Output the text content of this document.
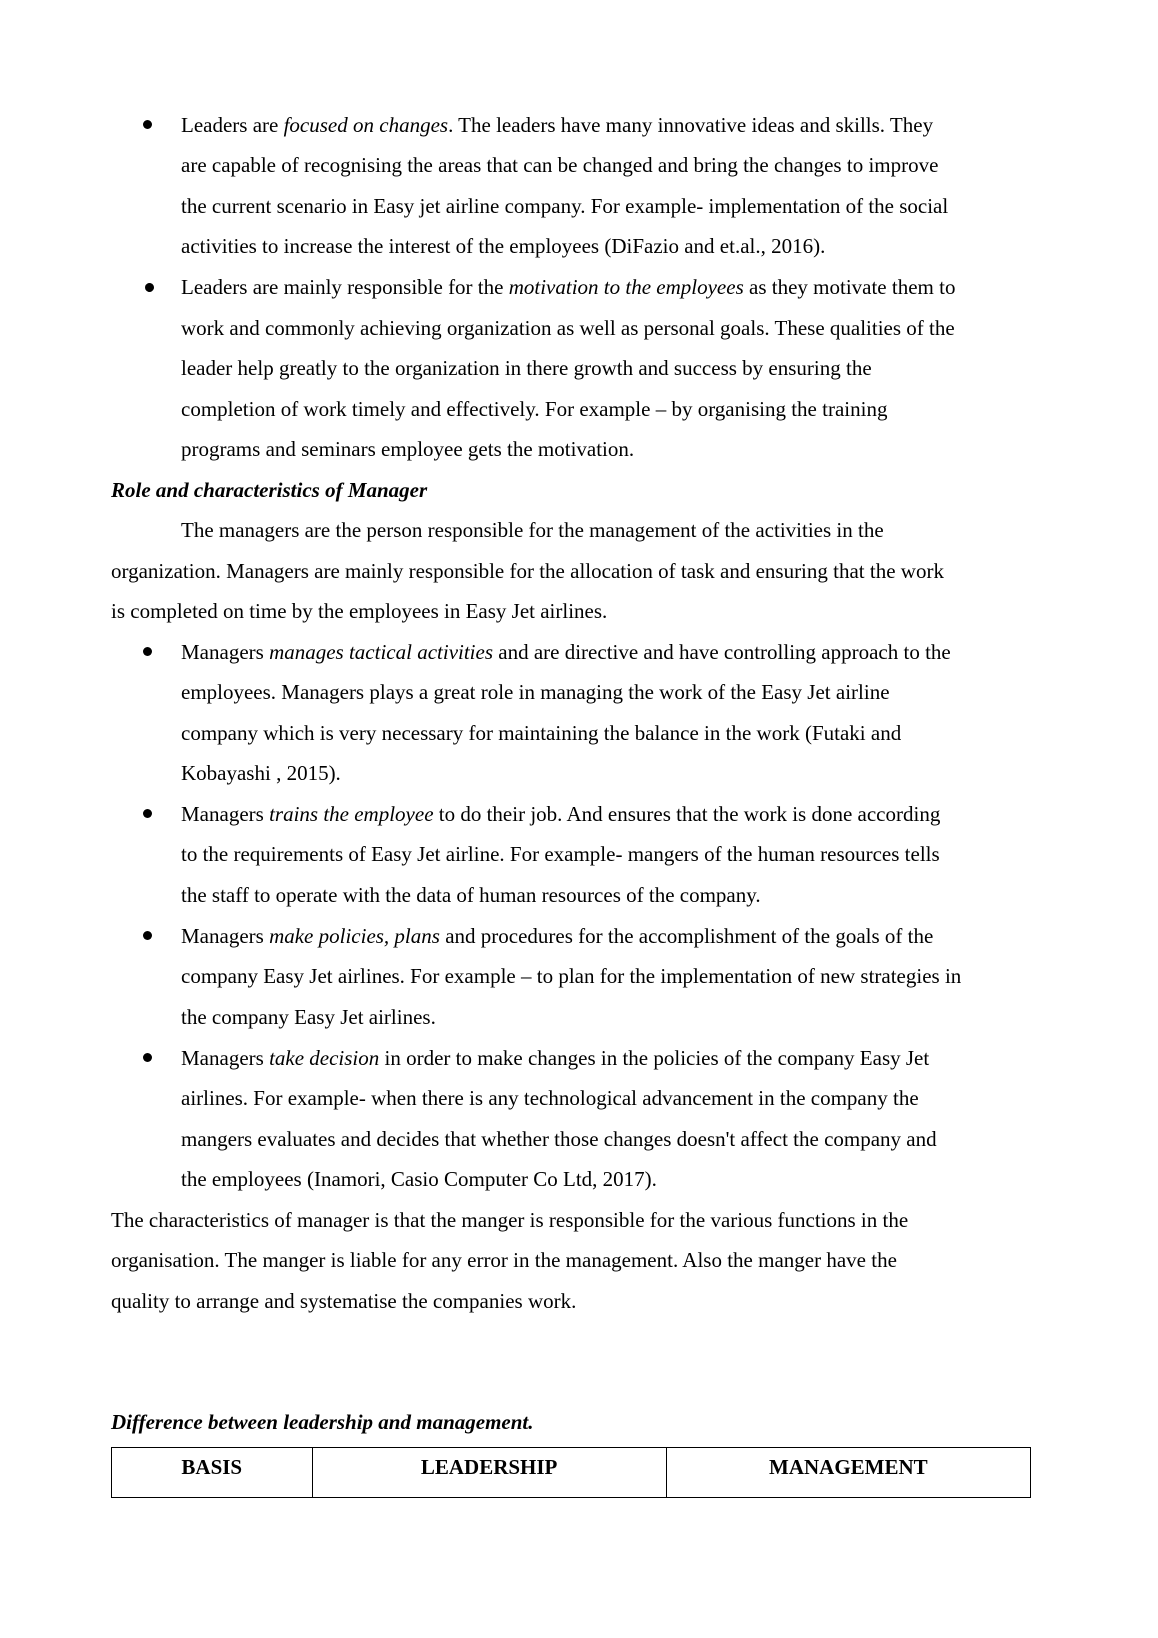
Leaders are focused on changes. The leaders have many innovative ideas and skills. They
are capable of recognising the areas that can be changed and bring the changes to improve
the current scenario in Easy jet airline company. For example- implementation of the social
activities to increase the interest of the employees (DiFazio and et.al., 2016).
Leaders are mainly responsible for the motivation to the employees as they motivate them to
work and commonly achieving organization as well as personal goals. These qualities of the
leader help greatly to the organization in there growth and success by ensuring the
completion of work timely and effectively. For example – by organising the training
programs and seminars employee gets the motivation.
Role and characteristics of Manager
The managers are the person responsible for the management of the activities in the
organization. Managers are mainly responsible for the allocation of task and ensuring that the work
is completed on time by the employees in Easy Jet airlines.
Managers manages tactical activities and are directive and have controlling approach to the
employees. Managers plays a great role in managing the work of the Easy Jet airline
company which is very necessary for maintaining the balance in the work (Futaki and
Kobayashi , 2015).
Managers trains the employee to do their job. And ensures that the work is done according
to the requirements of Easy Jet airline. For example- mangers of the human resources tells
the staff to operate with the data of human resources of the company.
Managers make policies, plans and procedures for the accomplishment of the goals of the
company Easy Jet airlines. For example – to plan for the implementation of new strategies in
the company Easy Jet airlines.
Managers take decision in order to make changes in the policies of the company Easy Jet
airlines. For example- when there is any technological advancement in the company the
mangers evaluates and decides that whether those changes doesn't affect the company and
the employees (Inamori, Casio Computer Co Ltd, 2017).
The characteristics of manager is that the manger is responsible for the various functions in the
organisation. The manger is liable for any error in the management. Also the manger have the
quality to arrange and systematise the companies work.
Difference between leadership and management.
BASIS	LEADERSHIP	MANAGEMENT
